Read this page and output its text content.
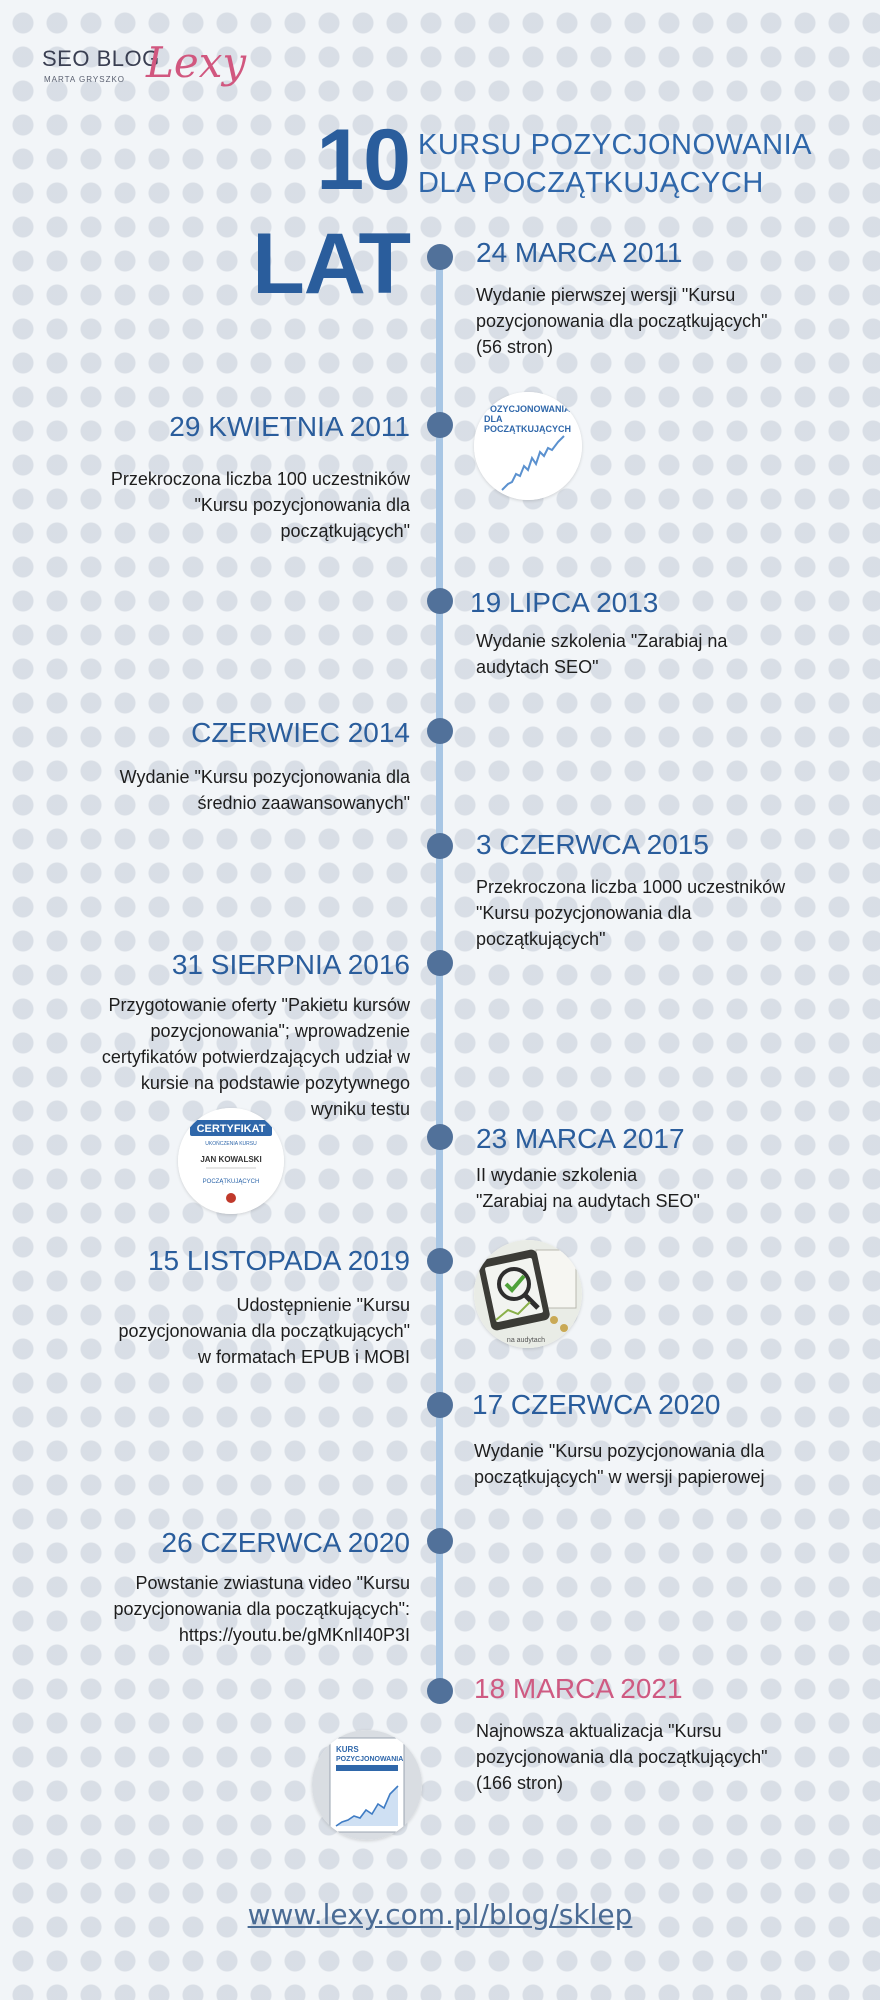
SEO BLOG
MARTA GRYSZKO Lexy
10 LAT
KURSU POZYCJONOWANIA
DLA POCZĄTKUJĄCYCH
24 MARCA 2011
Wydanie pierwszej wersji "Kursu
pozycjonowania dla początkujących"
(56 stron)
POZYCJONOWANIA
DLA
POCZĄTKUJĄCYCH
29 KWIETNIA 2011
Przekroczona liczba 100 uczestników
"Kursu pozycjonowania dla
początkujących"
19 LIPCA 2013
Wydanie szkolenia "Zarabiaj na
audytach SEO"
CZERWIEC 2014
Wydanie "Kursu pozycjonowania dla
średnio zaawansowanych"
3 CZERWCA 2015
Przekroczona liczba 1000 uczestników
"Kursu pozycjonowania dla
początkujących"
31 SIERPNIA 2016
Przygotowanie oferty "Pakietu kursów
pozycjonowania"; wprowadzenie
certyfikatów potwierdzających udział w
kursie na podstawie pozytywnego
wyniku testu
CERTYFIKAT
UKOŃCZENIA KURSU
JAN KOWALSKI
POCZĄTKUJĄCYCH
23 MARCA 2017
II wydanie szkolenia
"Zarabiaj na audytach SEO"
15 LISTOPADA 2019
Udostępnienie "Kursu
pozycjonowania dla początkujących"
w formatach EPUB i MOBI
na audytach
17 CZERWCA 2020
Wydanie "Kursu pozycjonowania dla
początkujących" w wersji papierowej
26 CZERWCA 2020
Powstanie zwiastuna video "Kursu
pozycjonowania dla początkujących":
https://youtu.be/gMKnlI40P3I
18 MARCA 2021
Najnowsza aktualizacja "Kursu
pozycjonowania dla początkujących"
(166 stron)
KURS
POZYCJONOWANIA
www.lexy.com.pl/blog/sklep
